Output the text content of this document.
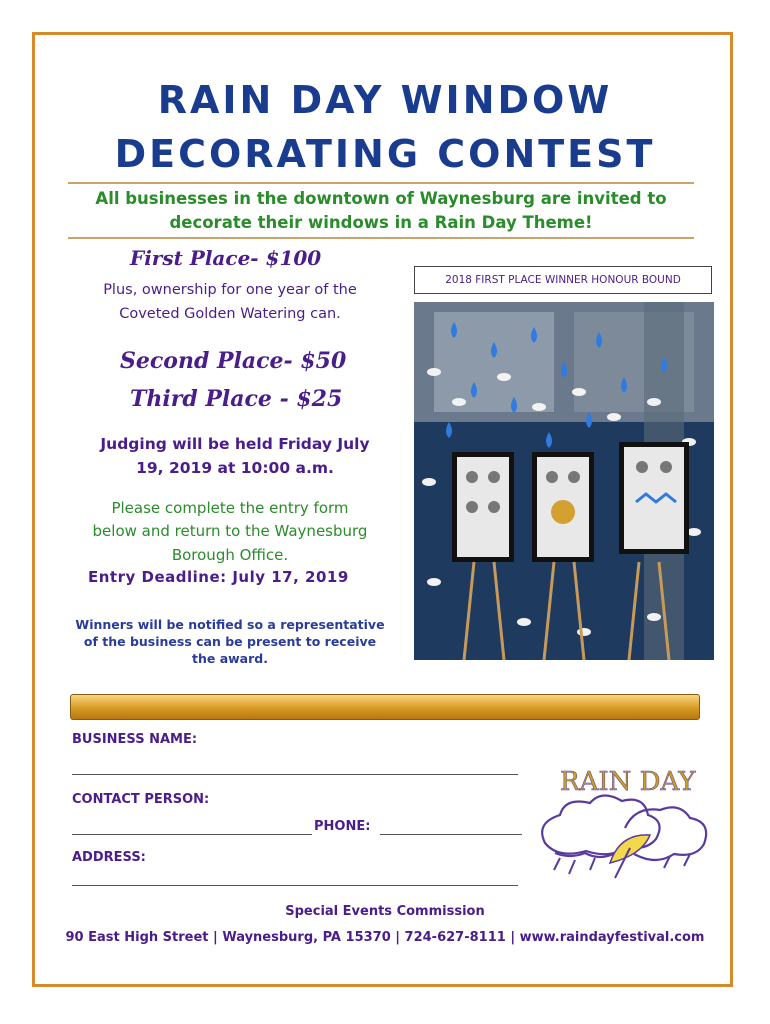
RAIN DAY WINDOW
DECORATING CONTEST
All businesses in the downtown of Waynesburg are invited to
decorate their windows in a Rain Day Theme!
First Place- $100
Plus, ownership for one year of the
Coveted Golden Watering can.
Second Place- $50
Third Place - $25
Judging will be held Friday July
19, 2019 at 10:00 a.m.
Please complete the entry form
below and return to the Waynesburg
Borough Office.
Entry Deadline: July 17, 2019
Winners will be notified so a representative
of the business can be present to receive
the award.
2018 FIRST PLACE WINNER HONOUR BOUND
BUSINESS NAME:
CONTACT PERSON:
PHONE:
ADDRESS:
RAIN DAY
Special Events Commission
90 East High Street | Waynesburg, PA 15370 | 724-627-8111 | www.raindayfestival.com
